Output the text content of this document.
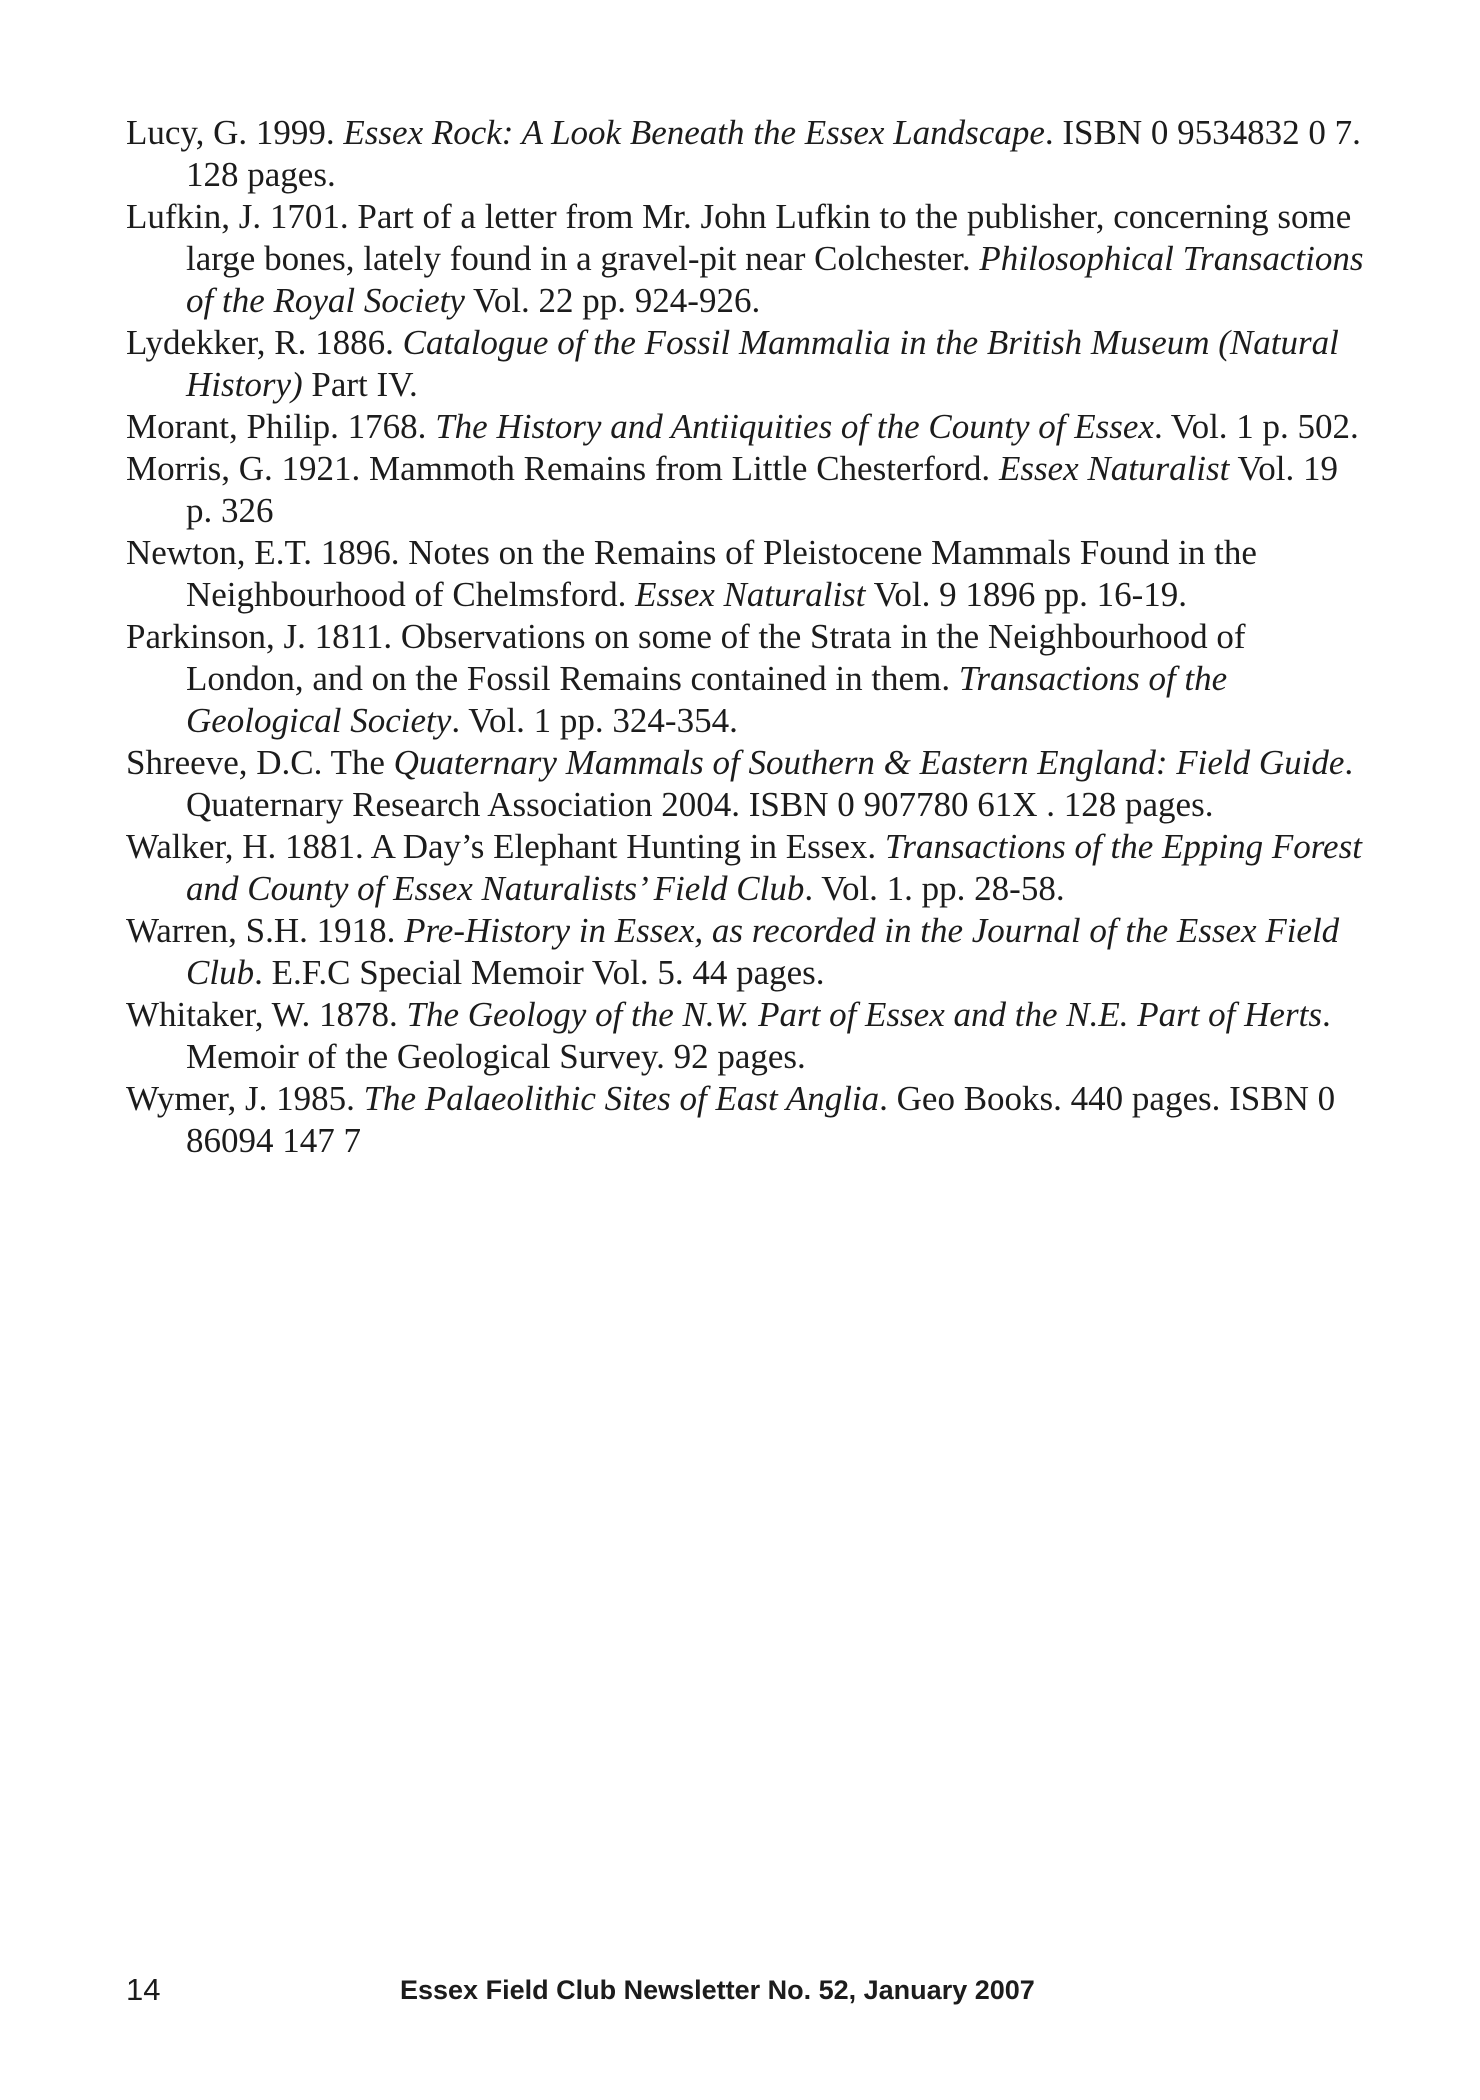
Lucy, G. 1999. Essex Rock: A Look Beneath the Essex Landscape. ISBN 0 9534832 0 7. 128 pages.

Lufkin, J. 1701. Part of a letter from Mr. John Lufkin to the publisher, concerning some large bones, lately found in a gravel-pit near Colchester. Philosophical Transactions of the Royal Society Vol. 22 pp. 924-926.

Lydekker, R. 1886. Catalogue of the Fossil Mammalia in the British Museum (Natural History) Part IV.

Morant, Philip. 1768. The History and Antiiquities of the County of Essex. Vol. 1 p. 502.

Morris, G. 1921. Mammoth Remains from Little Chesterford. Essex Naturalist Vol. 19 p. 326

Newton, E.T. 1896. Notes on the Remains of Pleistocene Mammals Found in the Neighbourhood of Chelmsford. Essex Naturalist Vol. 9 1896 pp. 16-19.

Parkinson, J. 1811. Observations on some of the Strata in the Neighbourhood of London, and on the Fossil Remains contained in them. Transactions of the Geological Society. Vol. 1 pp. 324-354.

Shreeve, D.C. The Quaternary Mammals of Southern & Eastern England: Field Guide. Quaternary Research Association 2004. ISBN 0 907780 61X . 128 pages.

Walker, H. 1881. A Day’s Elephant Hunting in Essex. Transactions of the Epping Forest and County of Essex Naturalists’ Field Club. Vol. 1. pp. 28-58.

Warren, S.H. 1918. Pre-History in Essex, as recorded in the Journal of the Essex Field Club. E.F.C Special Memoir Vol. 5. 44 pages.

Whitaker, W. 1878. The Geology of the N.W. Part of Essex and the N.E. Part of Herts. Memoir of the Geological Survey. 92 pages.

Wymer, J. 1985. The Palaeolithic Sites of East Anglia. Geo Books. 440 pages. ISBN 0 86094 147 7

14	Essex Field Club Newsletter No. 52, January 2007
